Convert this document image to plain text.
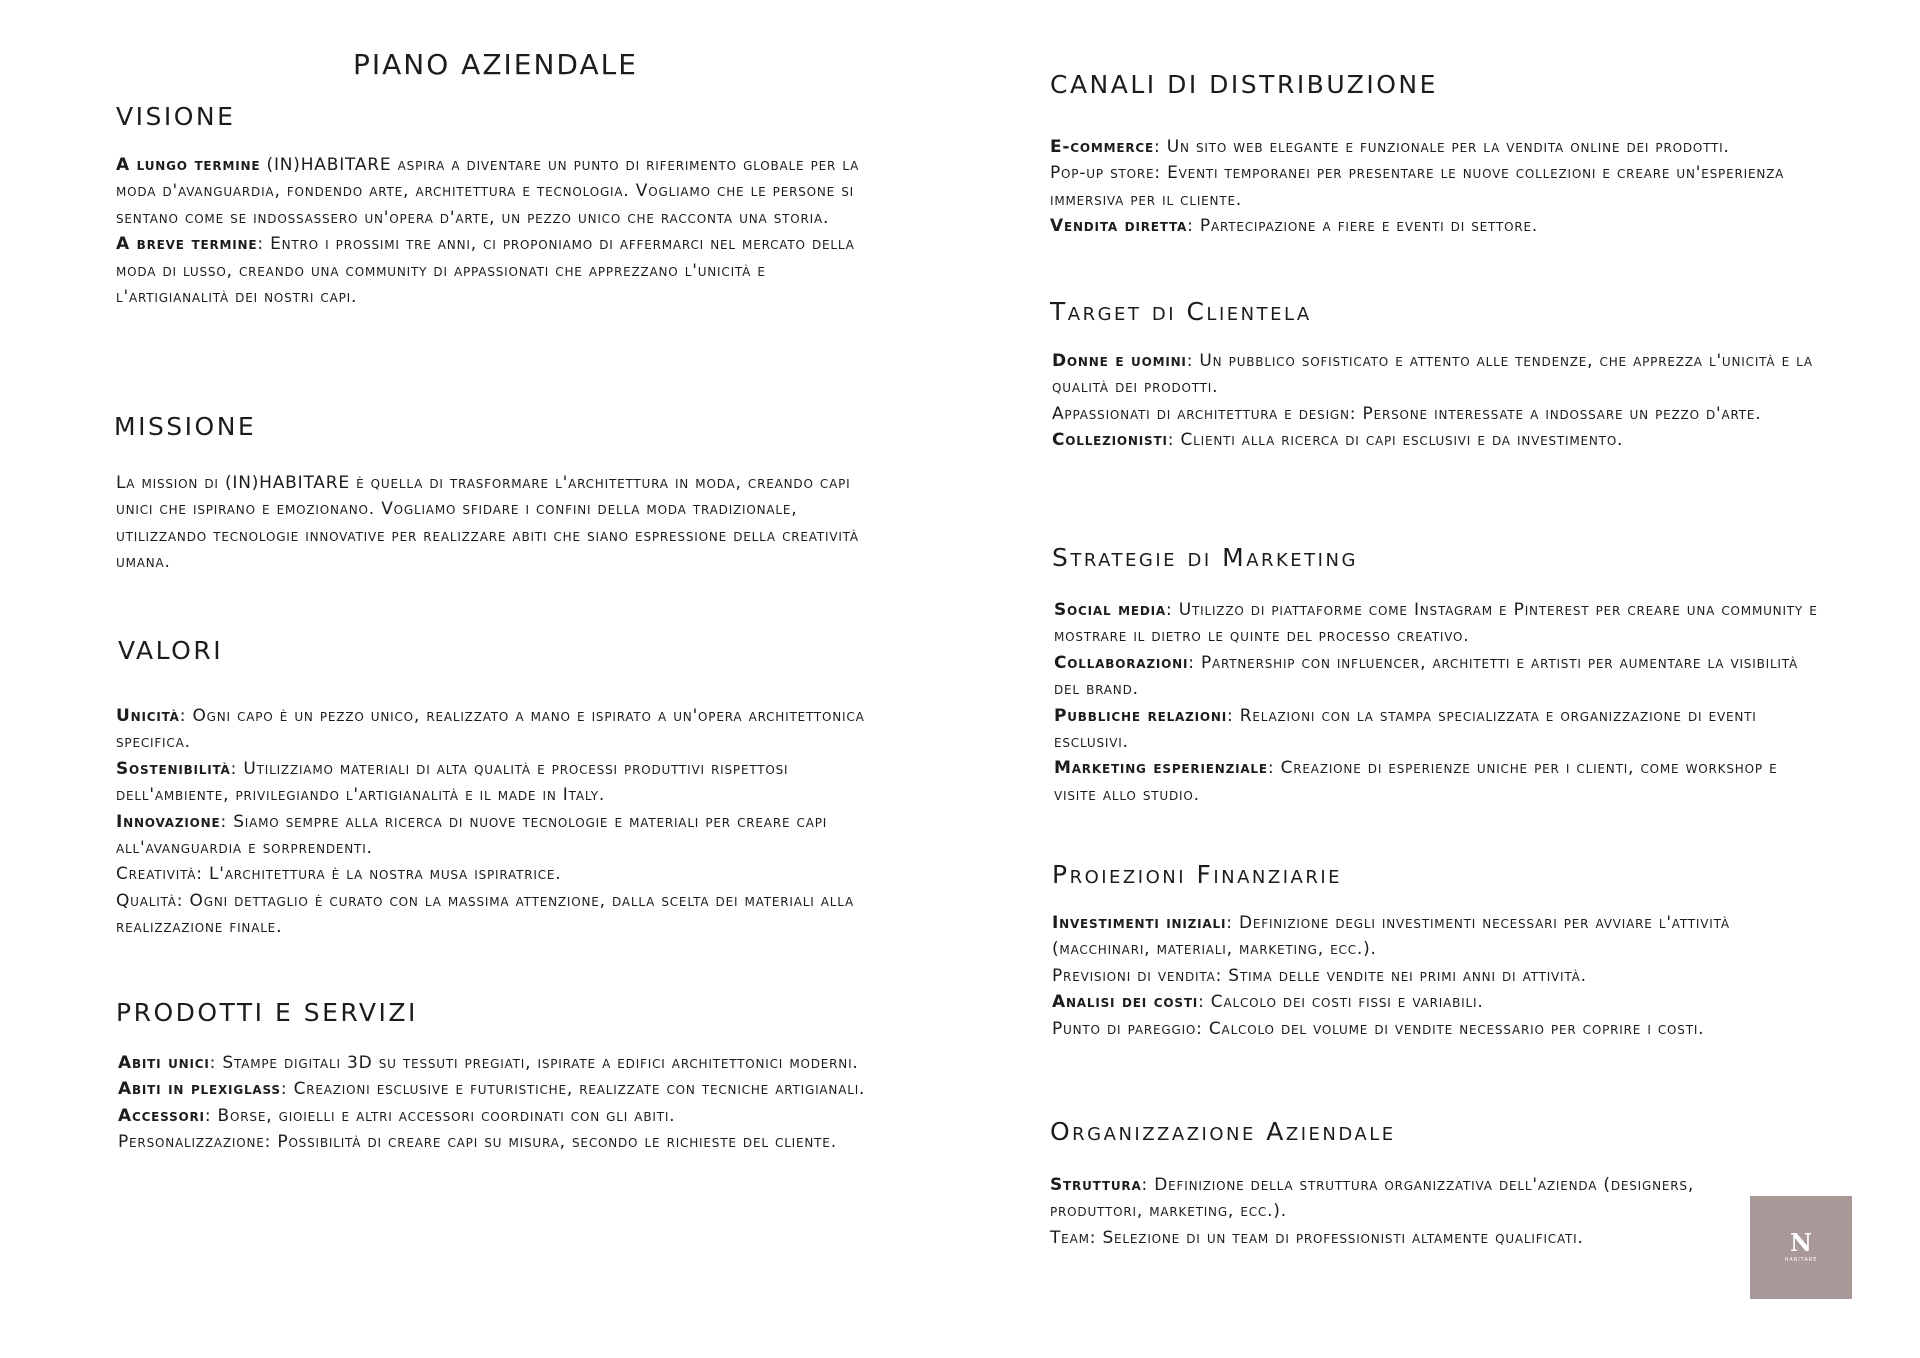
PIANO AZIENDALE
VISIONE

A lungo termine (IN)HABITARE aspira a diventare un punto di riferimento globale per la moda d'avanguardia, fondendo arte, architettura e tecnologia. Vogliamo che le persone si sentano come se indossassero un'opera d'arte, un pezzo unico che racconta una storia.

A breve termine: Entro i prossimi tre anni, ci proponiamo di affermarci nel mercato della moda di lusso, creando una community di appassionati che apprezzano l'unicità e l'artigianalità dei nostri capi.

MISSIONE

La mission di (IN)HABITARE è quella di trasformare l'architettura in moda, creando capi unici che ispirano e emozionano. Vogliamo sfidare i confini della moda tradizionale, utilizzando tecnologie innovative per realizzare abiti che siano espressione della creatività umana.

VALORI

Unicità: Ogni capo è un pezzo unico, realizzato a mano e ispirato a un'opera architettonica specifica.

Sostenibilità: Utilizziamo materiali di alta qualità e processi produttivi rispettosi dell'ambiente, privilegiando l'artigianalità e il made in Italy.

Innovazione: Siamo sempre alla ricerca di nuove tecnologie e materiali per creare capi all'avanguardia e sorprendenti.

Creatività: L'architettura è la nostra musa ispiratrice.

Qualità: Ogni dettaglio è curato con la massima attenzione, dalla scelta dei materiali alla realizzazione finale.

PRODOTTI E SERVIZI

Abiti unici: Stampe digitali 3D su tessuti pregiati, ispirate a edifici architettonici moderni.

Abiti in plexiglass: Creazioni esclusive e futuristiche, realizzate con tecniche artigianali.

Accessori: Borse, gioielli e altri accessori coordinati con gli abiti.

Personalizzazione: Possibilità di creare capi su misura, secondo le richieste del cliente.

CANALI DI DISTRIBUZIONE

E-commerce: Un sito web elegante e funzionale per la vendita online dei prodotti.

Pop-up store: Eventi temporanei per presentare le nuove collezioni e creare un'esperienza immersiva per il cliente.

Vendita diretta: Partecipazione a fiere e eventi di settore.

Target di Clientela

Donne e uomini: Un pubblico sofisticato e attento alle tendenze, che apprezza l'unicità e la qualità dei prodotti.

Appassionati di architettura e design: Persone interessate a indossare un pezzo d'arte.

Collezionisti: Clienti alla ricerca di capi esclusivi e da investimento.

Strategie di Marketing

Social media: Utilizzo di piattaforme come Instagram e Pinterest per creare una community e mostrare il dietro le quinte del processo creativo.

Collaborazioni: Partnership con influencer, architetti e artisti per aumentare la visibilità del brand.

Pubbliche relazioni: Relazioni con la stampa specializzata e organizzazione di eventi esclusivi.

Marketing esperienziale: Creazione di esperienze uniche per i clienti, come workshop e visite allo studio.

Proiezioni Finanziarie

Investimenti iniziali: Definizione degli investimenti necessari per avviare l'attività (macchinari, materiali, marketing, ecc.).

Previsioni di vendita: Stima delle vendite nei primi anni di attività.

Analisi dei costi: Calcolo dei costi fissi e variabili.

Punto di pareggio: Calcolo del volume di vendite necessario per coprire i costi.

Organizzazione Aziendale

Struttura: Definizione della struttura organizzativa dell'azienda (designers, produttori, marketing, ecc.).

Team: Selezione di un team di professionisti altamente qualificati.	N
HABITARE
